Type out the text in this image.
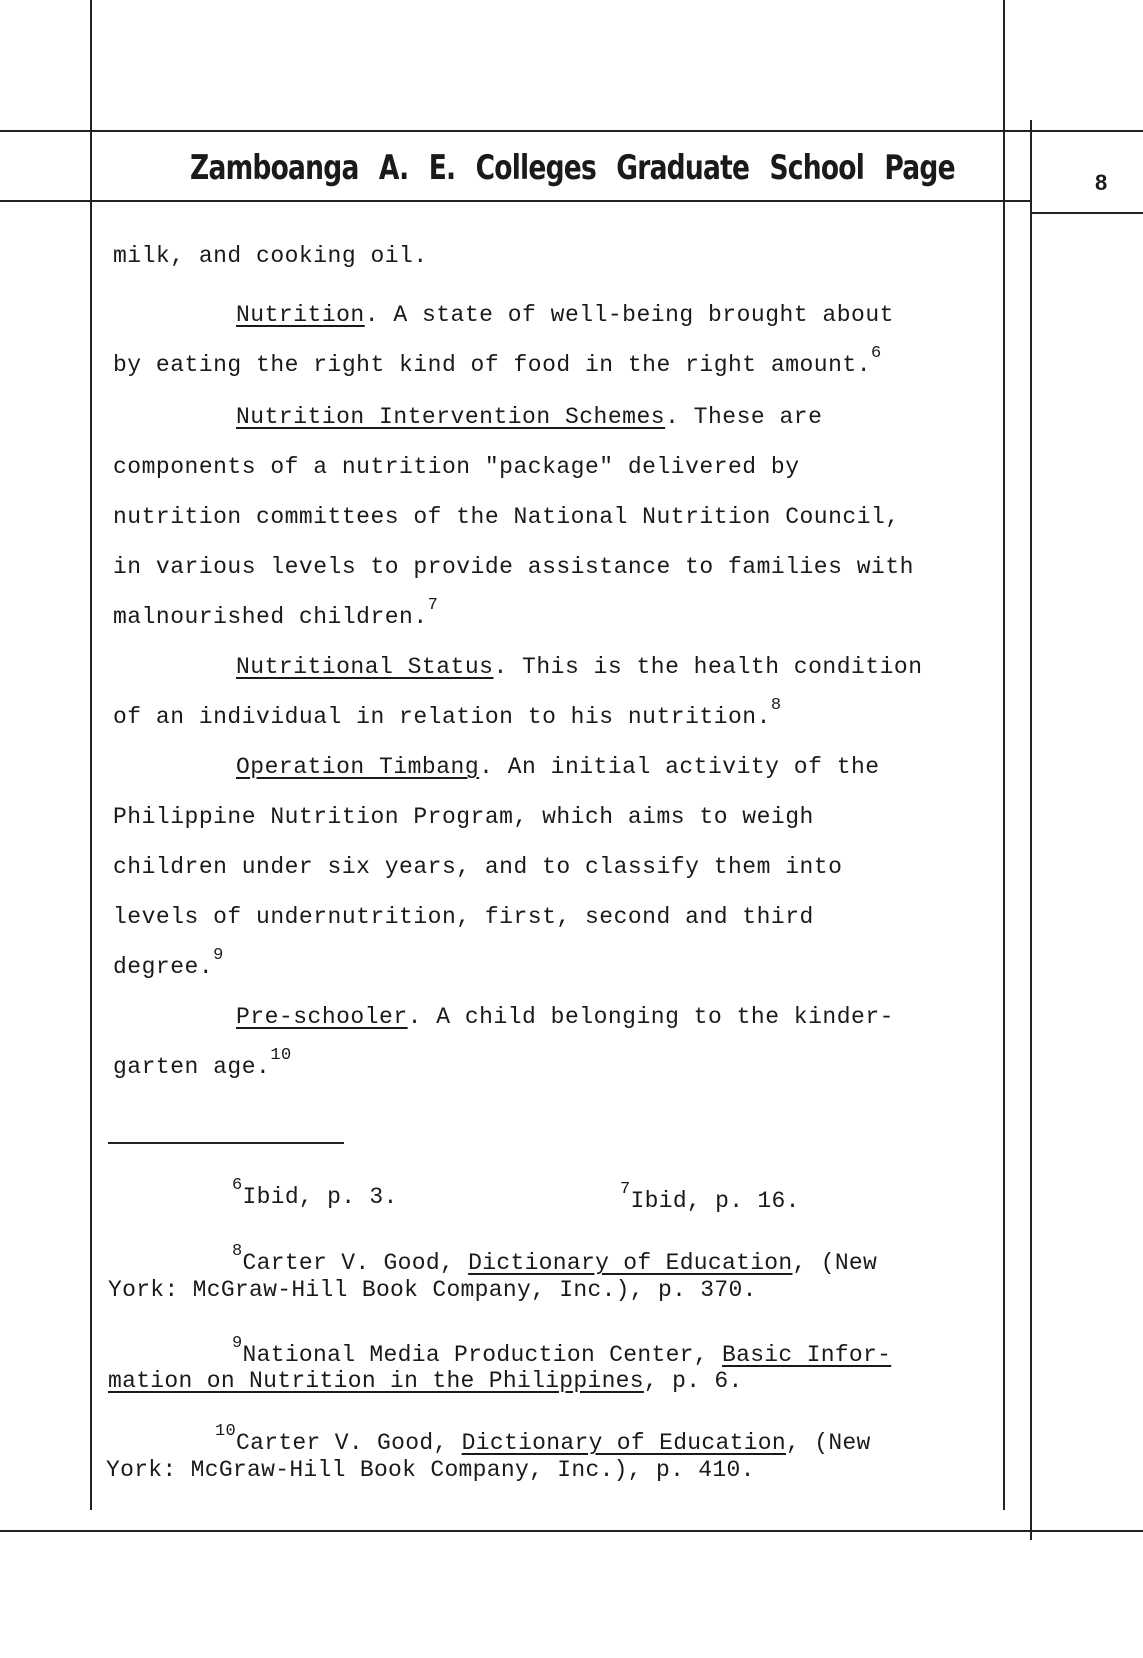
Zamboanga A. E. Colleges Graduate School Page	8
milk, and cooking oil.
Nutrition. A state of well-being brought about
by eating the right kind of food in the right amount.$^6$
Nutrition Intervention Schemes. These are
components of a nutrition "package" delivered by
nutrition committees of the National Nutrition Council,
in various levels to provide assistance to families with
malnourished children.$^7$
Nutritional Status. This is the health condition
of an individual in relation to his nutrition.$^8$
Operation Timbang. An initial activity of the
Philippine Nutrition Program, which aims to weigh
children under six years, and to classify them into
levels of undernutrition, first, second and third
degree.$^9$
Pre-schooler. A child belonging to the kinder-
garten age.$^{10}$
$^6$Ibid, p. 3.	$^7$Ibid, p. 16.
$^8$Carter V. Good, Dictionary of Education, (New
York: McGraw-Hill Book Company, Inc.), p. 370.
$^9$National Media Production Center, Basic Infor-
mation on Nutrition in the Philippines, p. 6.
$^{10}$Carter V. Good, Dictionary of Education, (New
York: McGraw-Hill Book Company, Inc.), p. 410.
